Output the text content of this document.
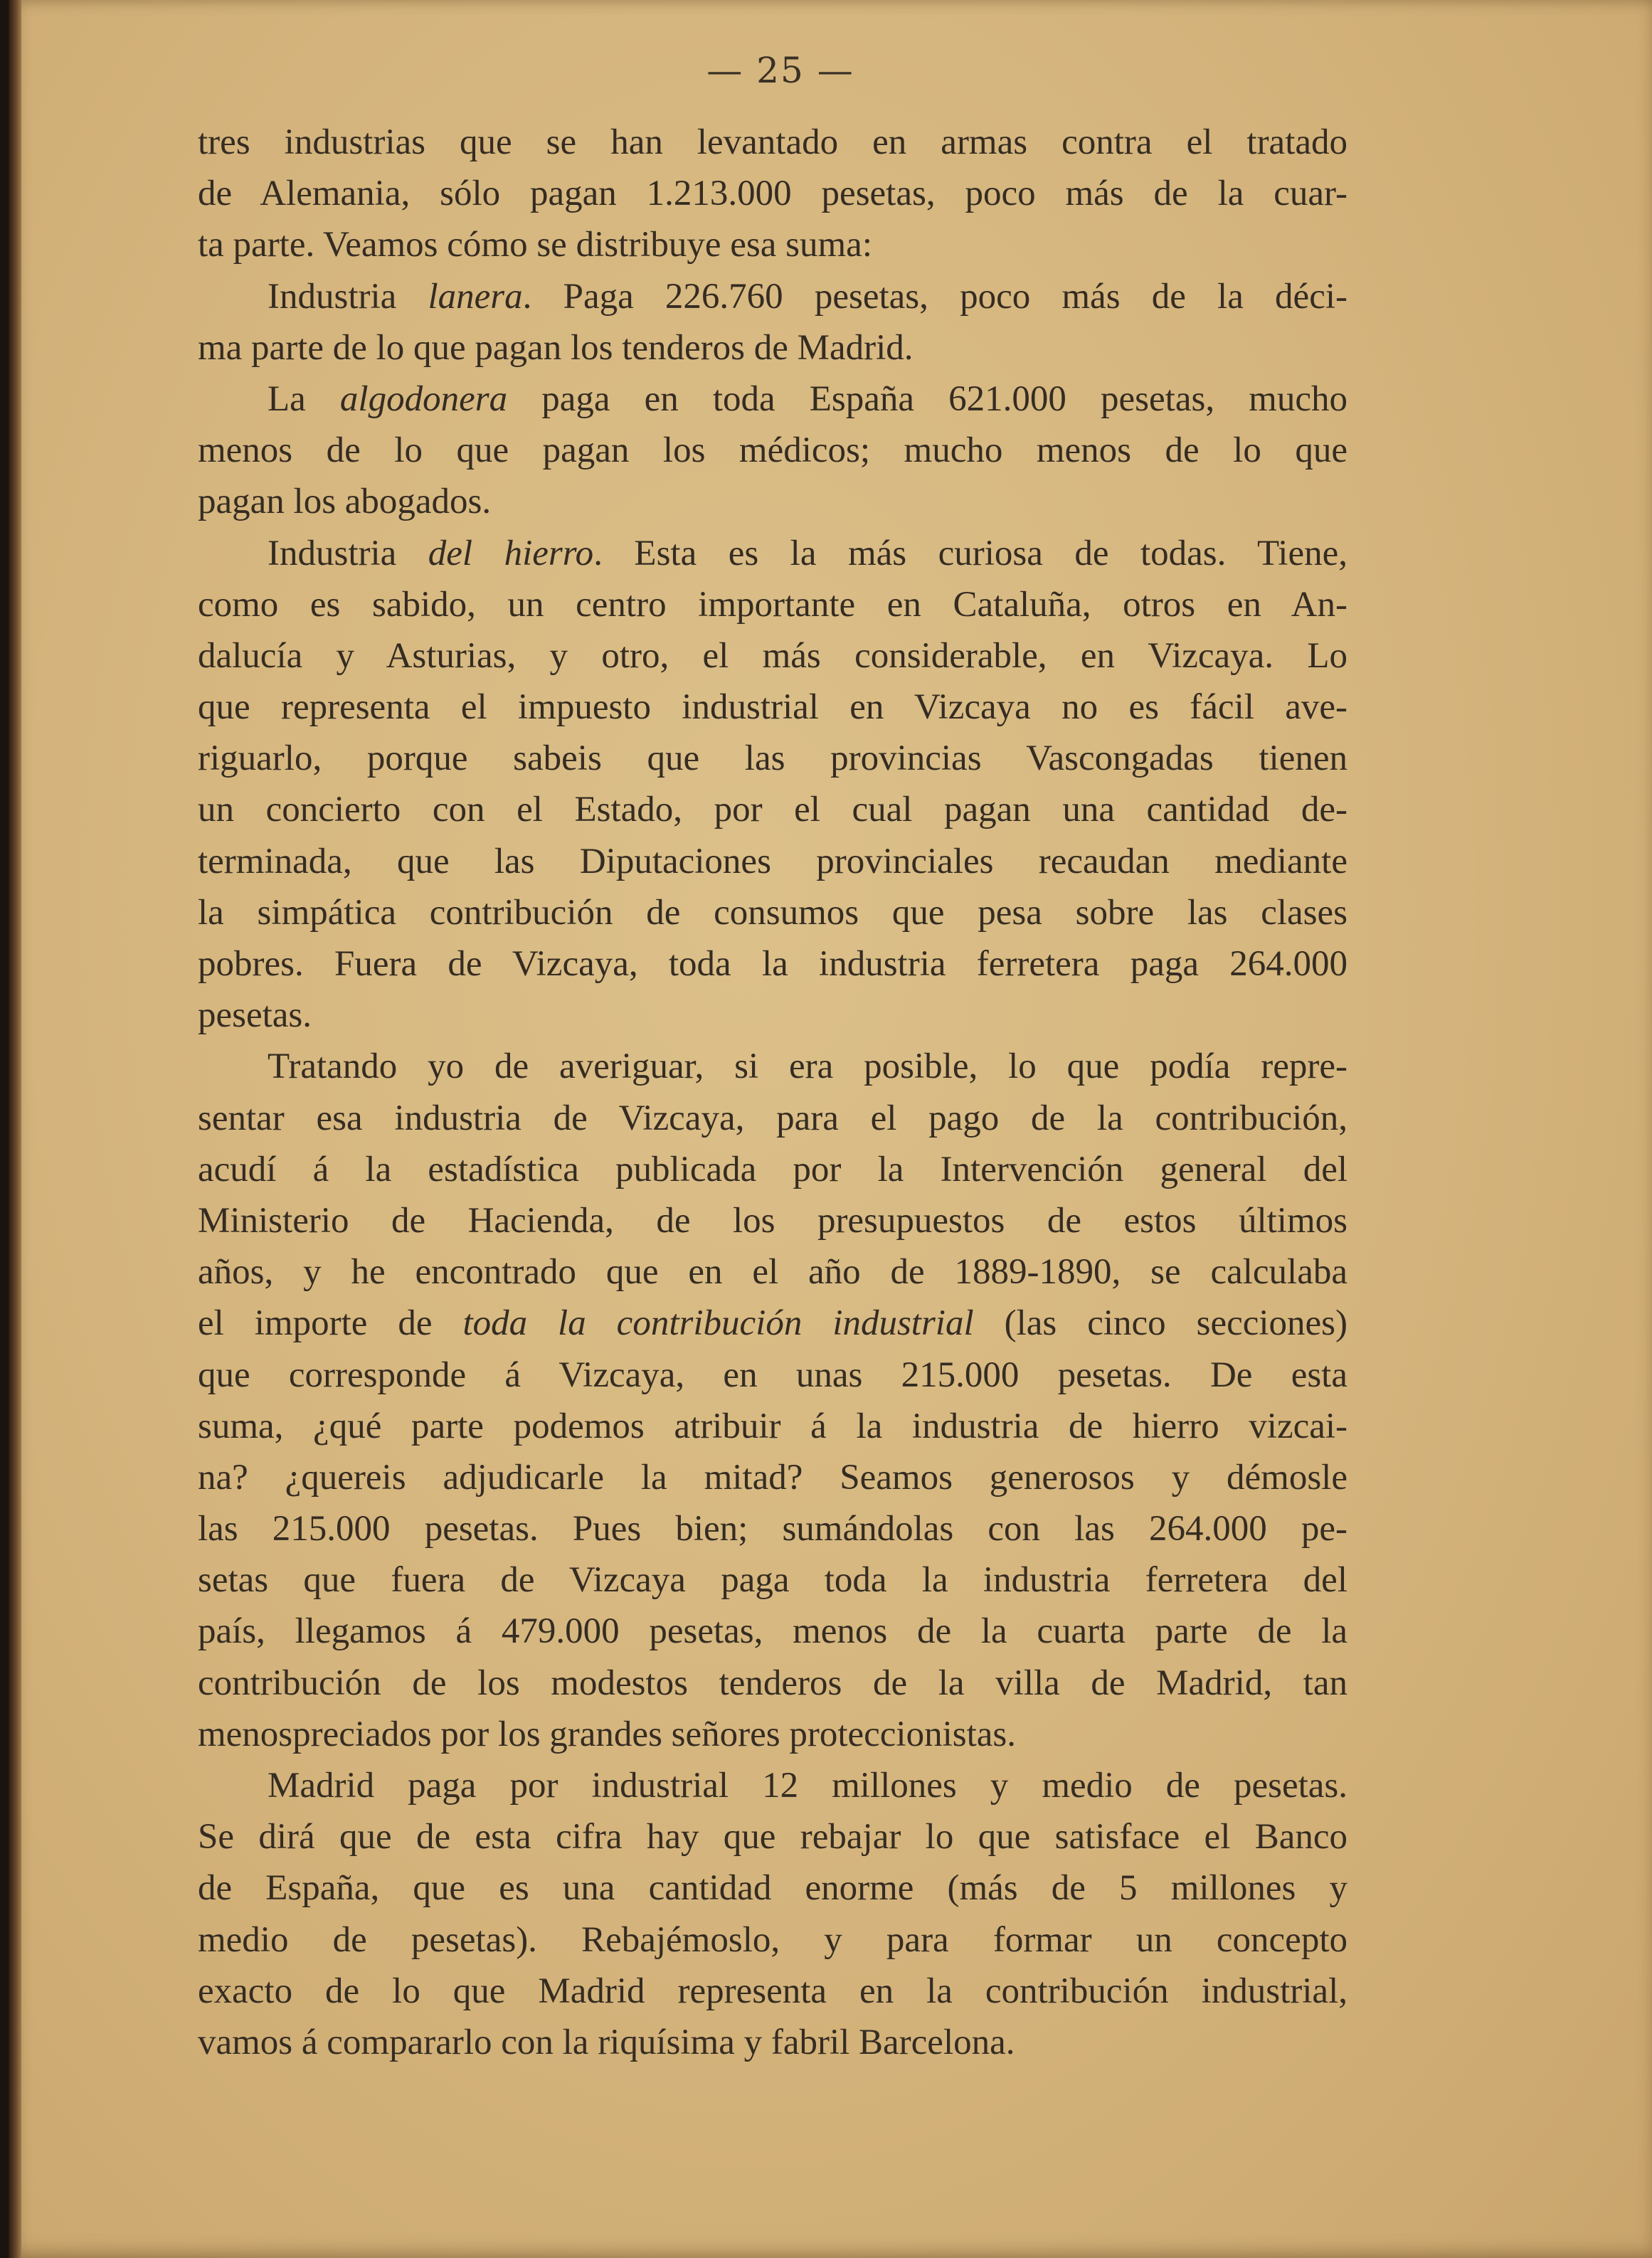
— 25 —
tres industrias que se han levantado en armas contra el tratado
de Alemania, sólo pagan 1.213.000 pesetas, poco más de la cuar-
ta parte. Veamos cómo se distribuye esa suma:
Industria lanera. Paga 226.760 pesetas, poco más de la déci-
ma parte de lo que pagan los tenderos de Madrid.
La algodonera paga en toda España 621.000 pesetas, mucho
menos de lo que pagan los médicos; mucho menos de lo que
pagan los abogados.
Industria del hierro. Esta es la más curiosa de todas. Tiene,
como es sabido, un centro importante en Cataluña, otros en An-
dalucía y Asturias, y otro, el más considerable, en Vizcaya. Lo
que representa el impuesto industrial en Vizcaya no es fácil ave-
riguarlo, porque sabeis que las provincias Vascongadas tienen
un concierto con el Estado, por el cual pagan una cantidad de-
terminada, que las Diputaciones provinciales recaudan mediante
la simpática contribución de consumos que pesa sobre las clases
pobres. Fuera de Vizcaya, toda la industria ferretera paga 264.000
pesetas.
Tratando yo de averiguar, si era posible, lo que podía repre-
sentar esa industria de Vizcaya, para el pago de la contribución,
acudí á la estadística publicada por la Intervención general del
Ministerio de Hacienda, de los presupuestos de estos últimos
años, y he encontrado que en el año de 1889-1890, se calculaba
el importe de toda la contribución industrial (las cinco secciones)
que corresponde á Vizcaya, en unas 215.000 pesetas. De esta
suma, ¿qué parte podemos atribuir á la industria de hierro vizcai-
na? ¿quereis adjudicarle la mitad? Seamos generosos y démosle
las 215.000 pesetas. Pues bien; sumándolas con las 264.000 pe-
setas que fuera de Vizcaya paga toda la industria ferretera del
país, llegamos á 479.000 pesetas, menos de la cuarta parte de la
contribución de los modestos tenderos de la villa de Madrid, tan
menospreciados por los grandes señores proteccionistas.
Madrid paga por industrial 12 millones y medio de pesetas.
Se dirá que de esta cifra hay que rebajar lo que satisface el Banco
de España, que es una cantidad enorme (más de 5 millones y
medio de pesetas). Rebajémoslo, y para formar un concepto
exacto de lo que Madrid representa en la contribución industrial,
vamos á compararlo con la riquísima y fabril Barcelona.
